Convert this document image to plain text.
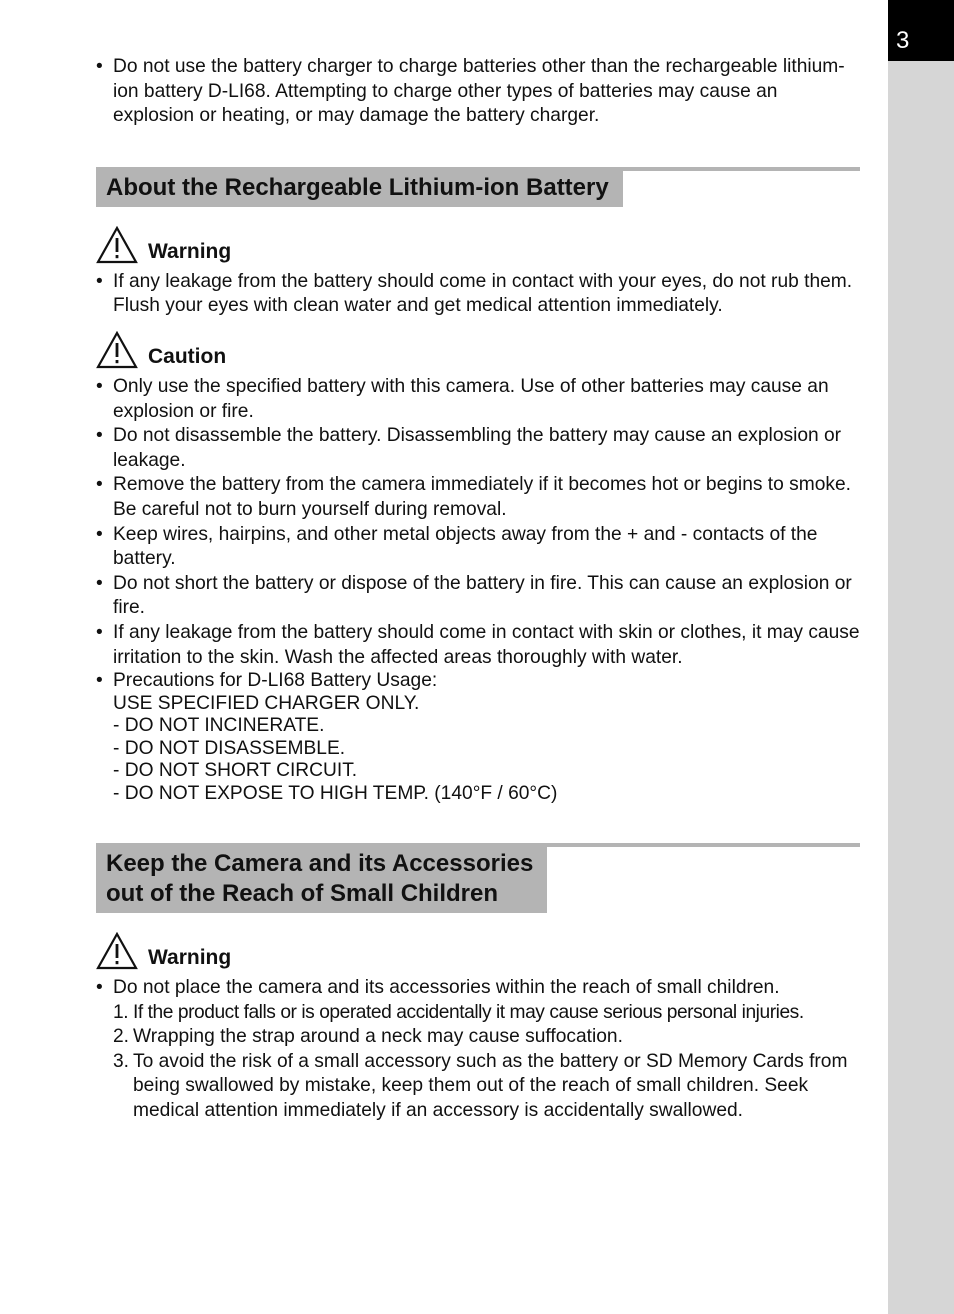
3
• Do not use the battery charger to charge batteries other than the rechargeable lithium-ion battery D-LI68. Attempting to charge other types of batteries may cause an explosion or heating, or may damage the battery charger.
About the Rechargeable Lithium-ion Battery
Warning
• If any leakage from the battery should come in contact with your eyes, do not rub them. Flush your eyes with clean water and get medical attention immediately.
Caution
• Only use the specified battery with this camera. Use of other batteries may cause an explosion or fire.
• Do not disassemble the battery. Disassembling the battery may cause an explosion or leakage.
• Remove the battery from the camera immediately if it becomes hot or begins to smoke. Be careful not to burn yourself during removal.
• Keep wires, hairpins, and other metal objects away from the + and - contacts of the battery.
• Do not short the battery or dispose of the battery in fire. This can cause an explosion or fire.
• If any leakage from the battery should come in contact with skin or clothes, it may cause irritation to the skin. Wash the affected areas thoroughly with water.
• Precautions for D-LI68 Battery Usage:
USE SPECIFIED CHARGER ONLY.
- DO NOT INCINERATE.
- DO NOT DISASSEMBLE.
- DO NOT SHORT CIRCUIT.
- DO NOT EXPOSE TO HIGH TEMP. (140°F / 60°C)
Keep the Camera and its Accessories
out of the Reach of Small Children
Warning
• Do not place the camera and its accessories within the reach of small children.
1. If the product falls or is operated accidentally it may cause serious personal injuries.
2. Wrapping the strap around a neck may cause suffocation.
3. To avoid the risk of a small accessory such as the battery or SD Memory Cards from being swallowed by mistake, keep them out of the reach of small children. Seek medical attention immediately if an accessory is accidentally swallowed.
